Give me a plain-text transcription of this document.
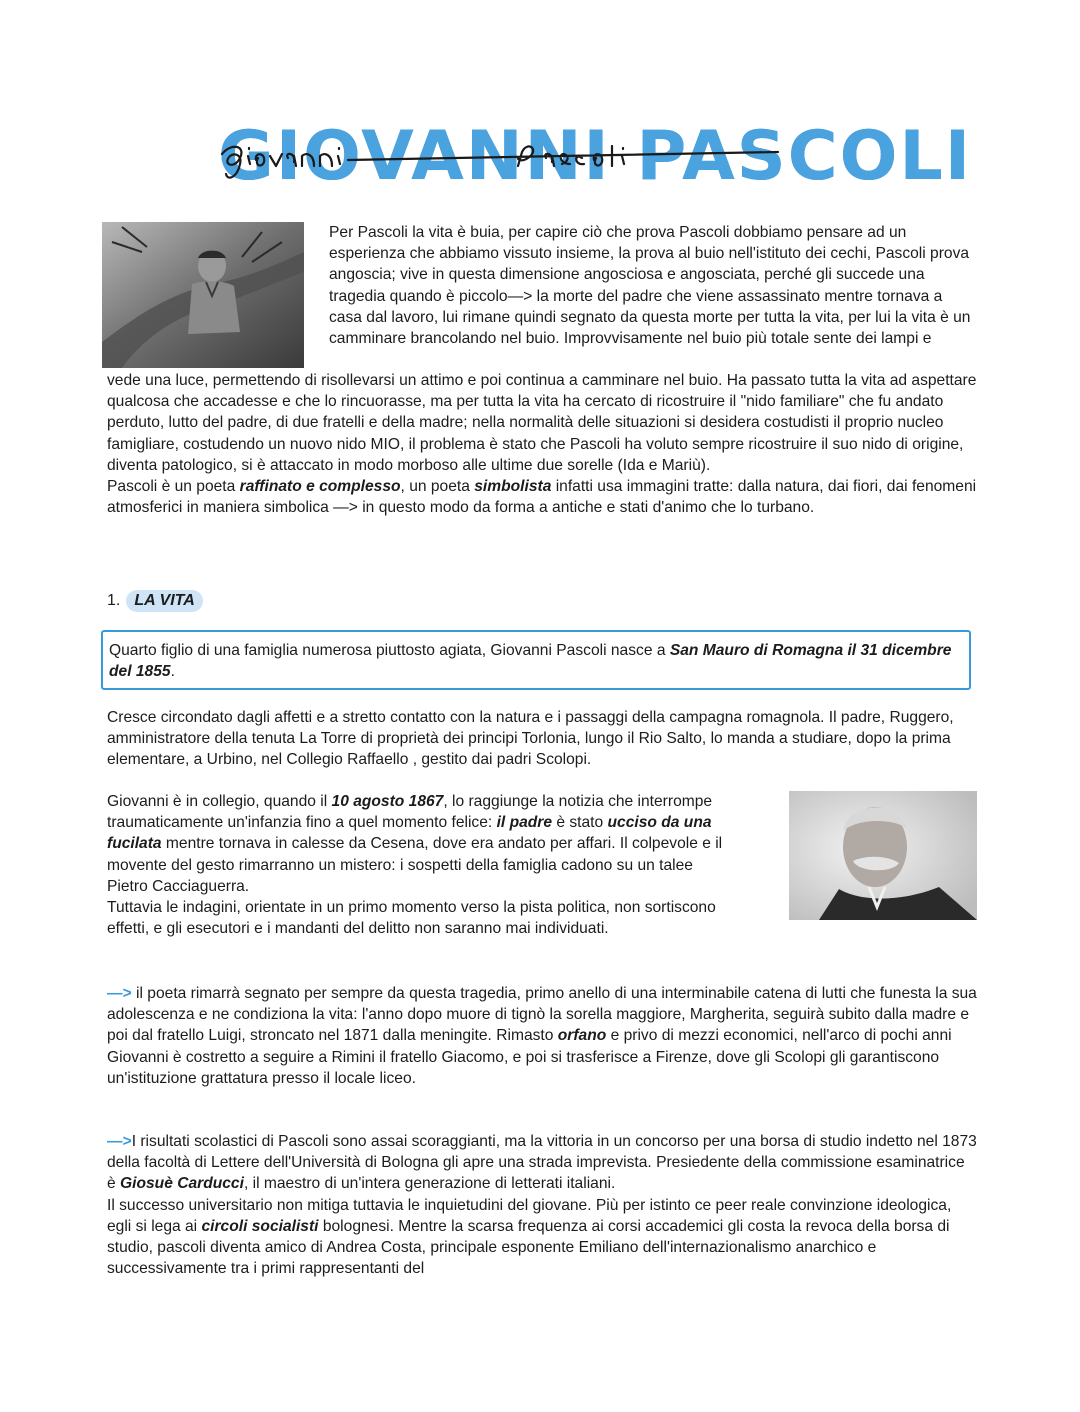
GIOVANNI PASCOLI

Per Pascoli la vita è buia, per capire ciò che prova Pascoli dobbiamo pensare ad un esperienza che abbiamo vissuto insieme, la prova al buio nell'istituto dei cechi, Pascoli prova angoscia; vive in questa dimensione angosciosa e angosciata, perché gli succede una tragedia quando è piccolo—> la morte del padre che viene assassinato mentre tornava a casa dal lavoro, lui rimane quindi segnato da questa morte per tutta la vita, per lui la vita è un camminare brancolando nel buio. Improvvisamente nel buio più totale sente dei lampi e

vede una luce, permettendo di risollevarsi un attimo e poi continua a camminare nel buio. Ha passato tutta la vita ad aspettare qualcosa che accadesse e che lo rincuorasse, ma per tutta la vita ha cercato di ricostruire il "nido familiare" che fu andato perduto, lutto del padre, di due fratelli e della madre; nella normalità delle situazioni si desidera costudisti il proprio nucleo famigliare, costudendo un nuovo nido MIO, il problema è stato che Pascoli ha voluto sempre ricostruire il suo nido di origine, diventa patologico, si è attaccato in modo morboso alle ultime due sorelle (Ida e Mariù).

Pascoli è un poeta raffinato e complesso, un poeta simbolista infatti usa immagini tratte: dalla natura, dai fiori, dai fenomeni atmosferici in maniera simbolica —> in questo modo da forma a antiche e stati d'animo che lo turbano.

1. LA VITA

Quarto figlio di una famiglia numerosa piuttosto agiata, Giovanni Pascoli nasce a San Mauro di Romagna il 31 dicembre del 1855.

Cresce circondato dagli affetti e a stretto contatto con la natura e i passaggi della campagna romagnola. Il padre, Ruggero, amministratore della tenuta La Torre di proprietà dei principi Torlonia, lungo il Rio Salto, lo manda a studiare, dopo la prima elementare, a Urbino, nel Collegio Raffaello , gestito dai padri Scolopi.

Giovanni è in collegio, quando il 10 agosto 1867, lo raggiunge la notizia che interrompe traumaticamente un'infanzia fino a quel momento felice: il padre è stato ucciso da una fucilata mentre tornava in calesse da Cesena, dove era andato per affari. Il colpevole e il movente del gesto rimarranno un mistero: i sospetti della famiglia cadono su un talee Pietro Cacciaguerra.

Tuttavia le indagini, orientate in un primo momento verso la pista politica, non sortiscono effetti, e gli esecutori e i mandanti del delitto non saranno mai individuati.

—> il poeta rimarrà segnato per sempre da questa tragedia, primo anello di una interminabile catena di lutti che funesta la sua adolescenza e ne condiziona la vita: l'anno dopo muore di tignò la sorella maggiore, Margherita, seguirà subito dalla madre e poi dal fratello Luigi, stroncato nel 1871 dalla meningite. Rimasto orfano e privo di mezzi economici, nell'arco di pochi anni Giovanni è costretto a seguire a Rimini il fratello Giacomo, e poi si trasferisce a Firenze, dove gli Scolopi gli garantiscono un'istituzione grattatura presso il locale liceo.

—>I risultati scolastici di Pascoli sono assai scoraggianti, ma la vittoria in un concorso per una borsa di studio indetto nel 1873 della facoltà di Lettere dell'Università di Bologna gli apre una strada imprevista. Presiedente della commissione esaminatrice è Giosuè Carducci, il maestro di un'intera generazione di letterati italiani.

Il successo universitario non mitiga tuttavia le inquietudini del giovane. Più per istinto ce peer reale convinzione ideologica, egli si lega ai circoli socialisti bolognesi. Mentre la scarsa frequenza ai corsi accademici gli costa la revoca della borsa di studio, pascoli diventa amico di Andrea Costa, principale esponente Emiliano dell'internazionalismo anarchico e successivamente tra i primi rappresentanti del
